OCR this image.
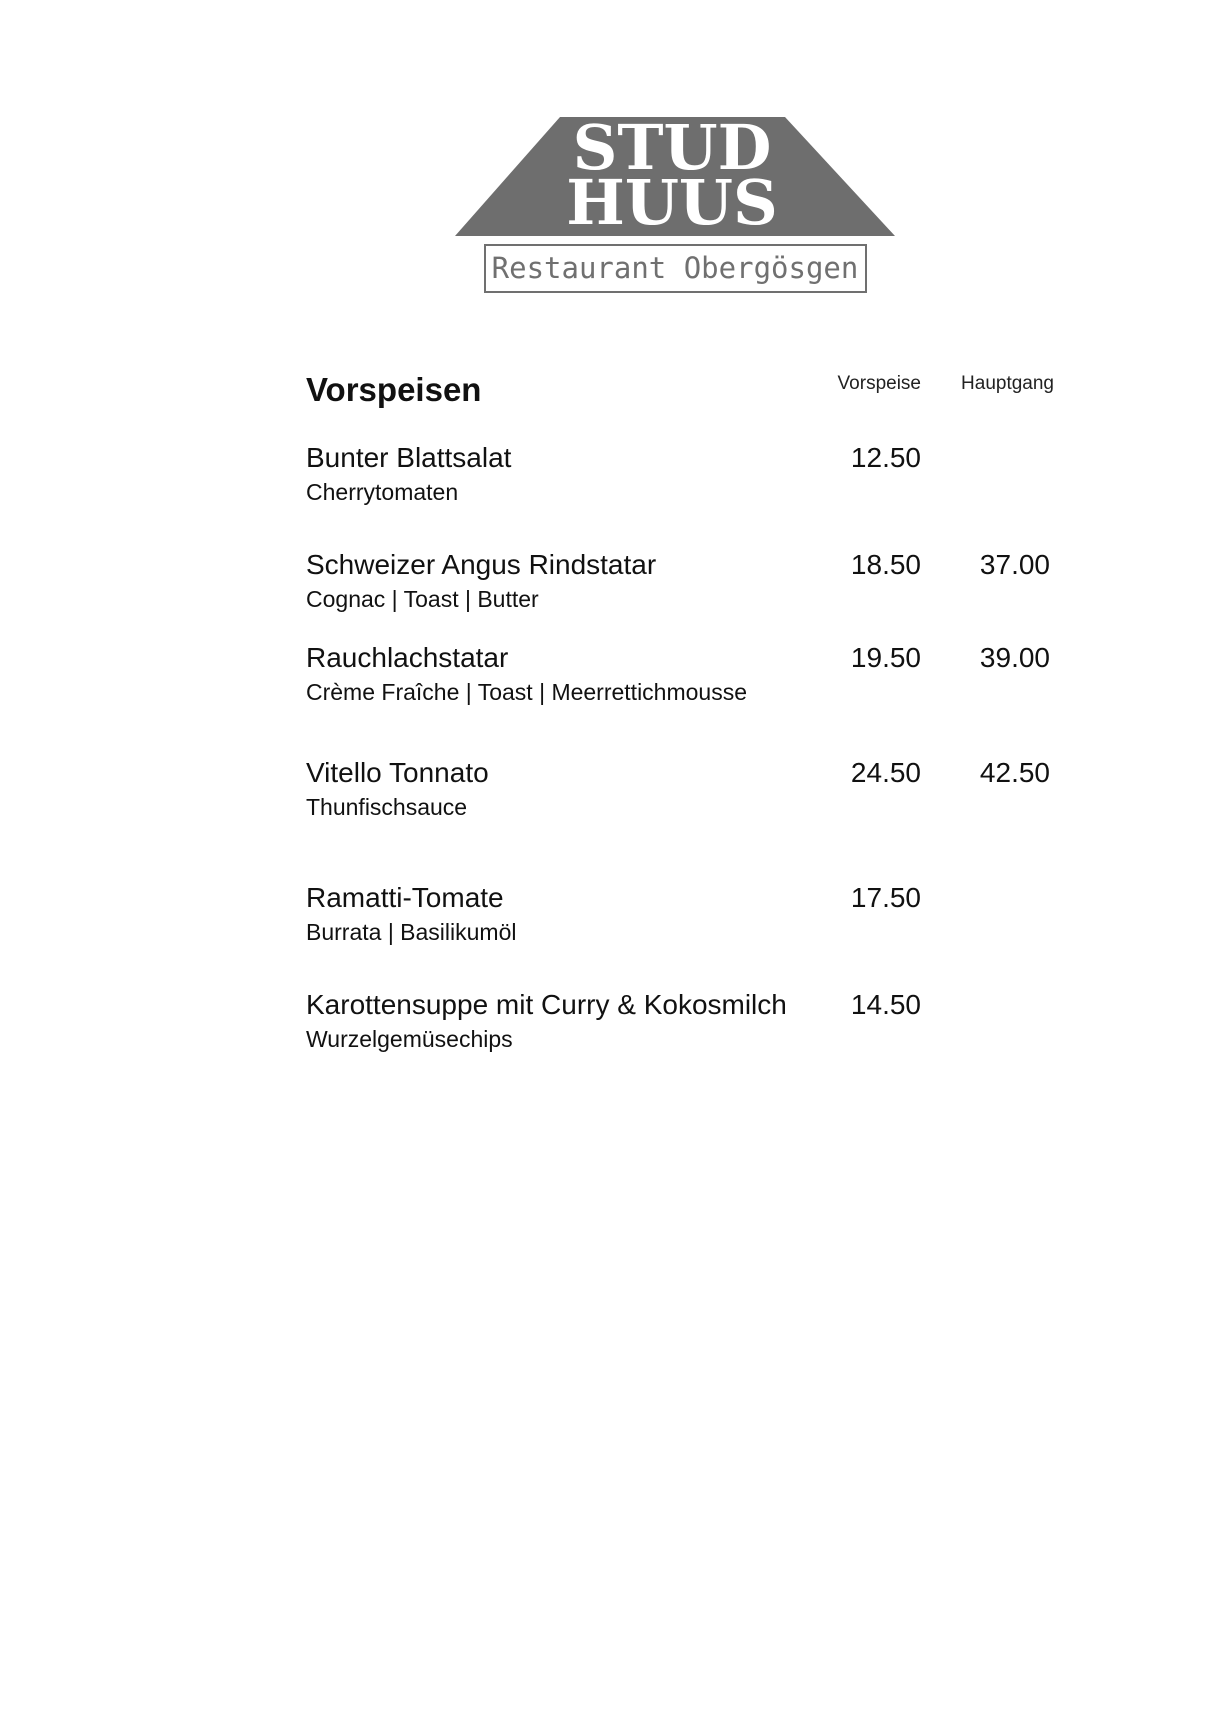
STUD
HUUS
Restaurant Obergösgen
Vorspeisen	Vorspeise Hauptgang
Bunter Blattsalat
Cherrytomaten
12.50
Schweizer Angus Rindstatar
Cognac | Toast | Butter
18.50 37.00
Rauchlachstatar
Crème Fraîche | Toast | Meerrettichmousse
19.50 39.00
Vitello Tonnato
Thunfischsauce
24.50 42.50
Ramatti-Tomate
Burrata | Basilikumöl
17.50
Karottensuppe mit Curry & Kokosmilch
Wurzelgemüsechips
14.50
